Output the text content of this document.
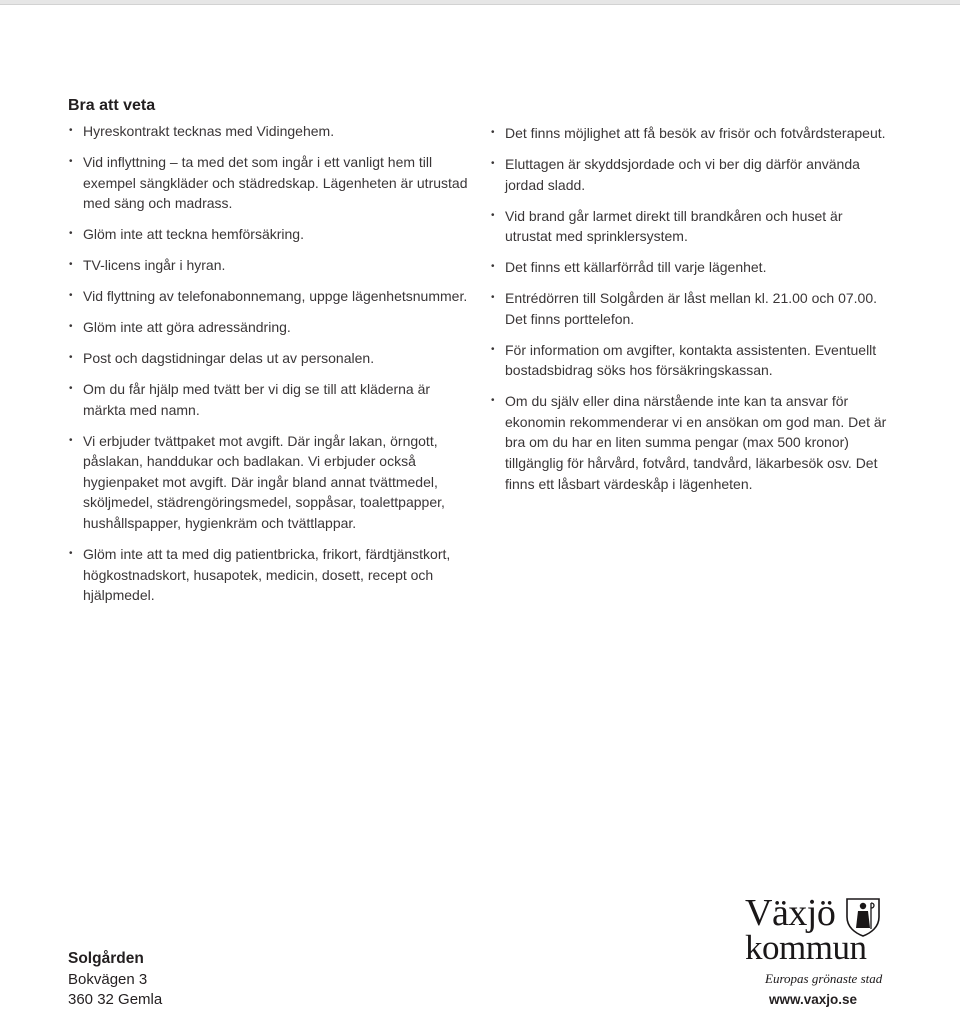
Bra att veta
• Hyreskontrakt tecknas med Vidingehem.
• Vid inflyttning – ta med det som ingår i ett vanligt hem till exempel sängkläder och städredskap. Lägenheten är utrustad med säng och madrass.
• Glöm inte att teckna hemförsäkring.
• TV-licens ingår i hyran.
• Vid flyttning av telefonabonnemang, uppge lägenhetsnummer.
• Glöm inte att göra adressändring.
• Post och dagstidningar delas ut av personalen.
• Om du får hjälp med tvätt ber vi dig se till att kläderna är märkta med namn.
• Vi erbjuder tvättpaket mot avgift. Där ingår lakan, örngott, påslakan, handdukar och badlakan. Vi erbjuder också hygienpaket mot avgift. Där ingår bland annat tvättmedel, sköljmedel, städrengöringsmedel, soppåsar, toalettpapper, hushållspapper, hygienkräm och tvättlappar.
• Glöm inte att ta med dig patientbricka, frikort, färdtjänstkort, högkostnadskort, husapotek, medicin, dosett, recept och hjälpmedel.
• Det finns möjlighet att få besök av frisör och fotvårdsterapeut.
• Eluttagen är skyddsjordade och vi ber dig därför använda jordad sladd.
• Vid brand går larmet direkt till brandkåren och huset är utrustat med sprinklersystem.
• Det finns ett källarförråd till varje lägenhet.
• Entrédörren till Solgården är låst mellan kl. 21.00 och 07.00. Det finns porttelefon.
• För information om avgifter, kontakta assistenten. Eventuellt bostadsbidrag söks hos försäkringskassan.
• Om du själv eller dina närstående inte kan ta ansvar för ekonomin rekommenderar vi en ansökan om god man. Det är bra om du har en liten summa pengar (max 500 kronor) tillgänglig för hårvård, fotvård, tandvård, läkarbesök osv. Det finns ett låsbart värdeskåp i lägenheten.
Solgården
Bokvägen 3
360 32 Gemla
Växjö
kommun
Europas grönaste stad
www.vaxjo.se
